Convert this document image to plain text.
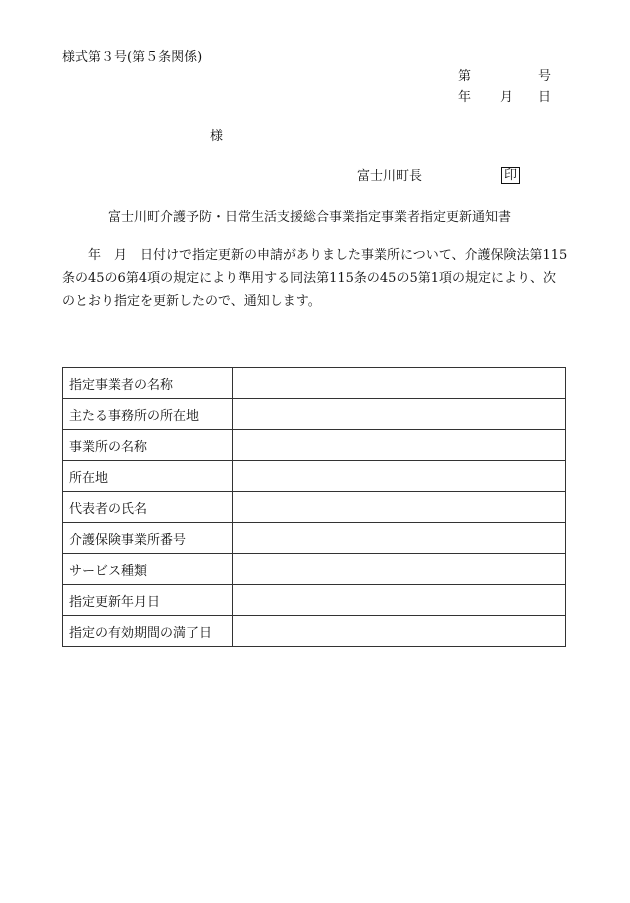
様式第３号(第５条関係)
第	号
年 月 日
様
富士川町長	印
富士川町介護予防・日常生活支援総合事業指定事業者指定更新通知書
年　月　日付けで指定更新の申請がありました事業所について、介護保険法第115条の45の6第4項の規定により準用する同法第115条の45の5第1項の規定により、次のとおり指定を更新したので、通知します。
指定事業者の名称	
主たる事務所の所在地	
事業所の名称	
所在地	
代表者の氏名	
介護保険事業所番号	
サービス種類	
指定更新年月日	
指定の有効期間の満了日	
